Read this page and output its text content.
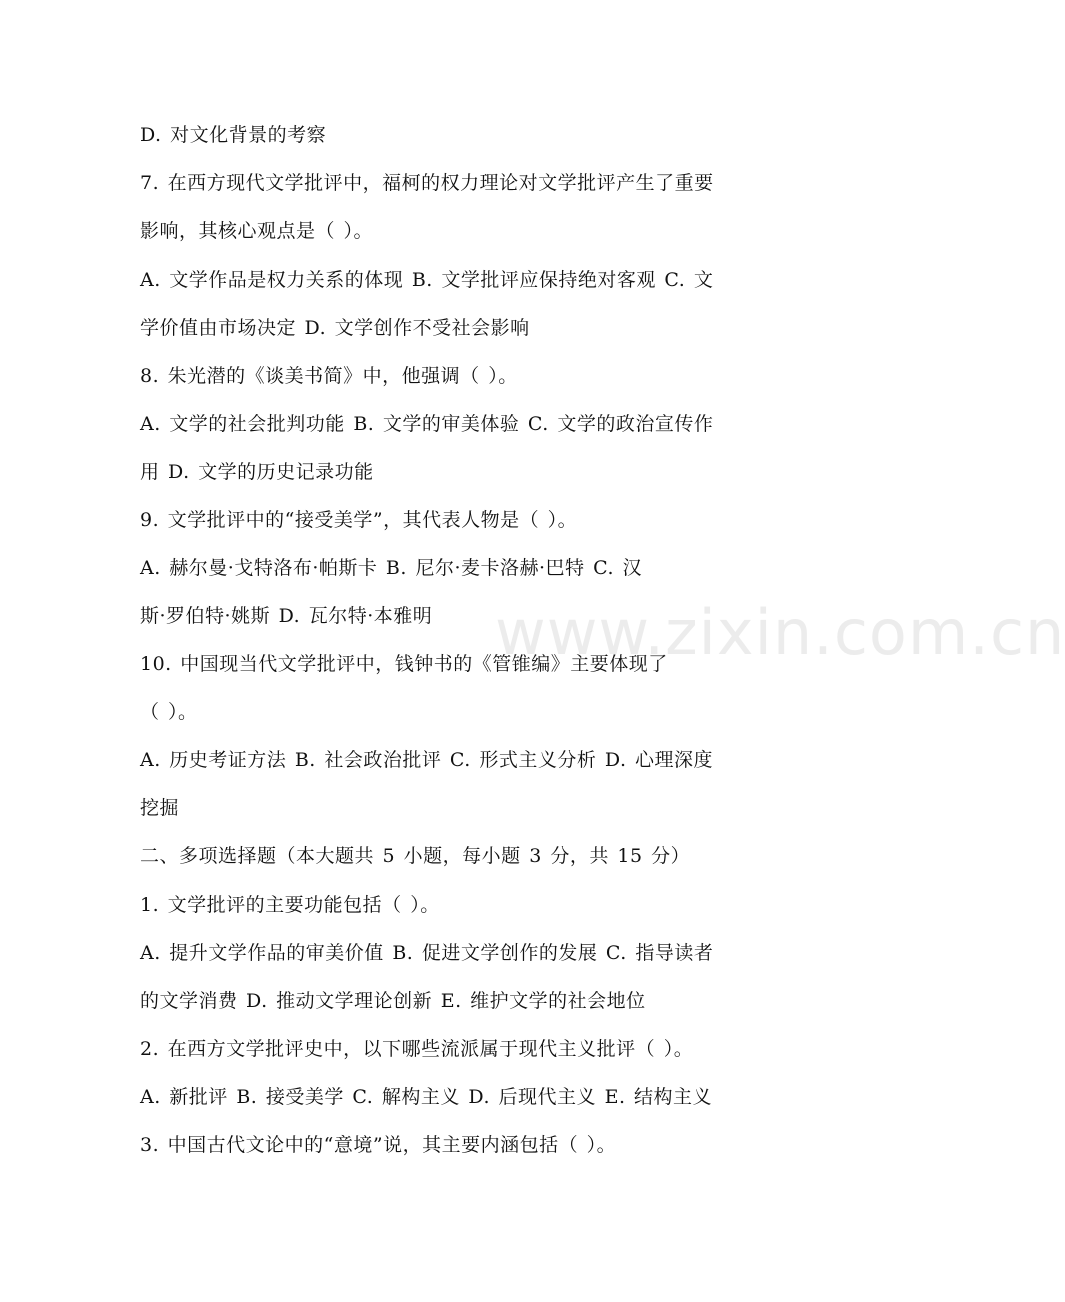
D. 对文化背景的考察
7. 在西方现代文学批评中，福柯的权力理论对文学批评产生了重要
影响，其核心观点是（ ）。
A. 文学作品是权力关系的体现 B. 文学批评应保持绝对客观 C. 文
学价值由市场决定 D. 文学创作不受社会影响
8. 朱光潜的《谈美书简》中，他强调（ ）。
A. 文学的社会批判功能 B. 文学的审美体验 C. 文学的政治宣传作
用 D. 文学的历史记录功能
9. 文学批评中的“接受美学”，其代表人物是（ ）。
A. 赫尔曼·戈特洛布·帕斯卡 B. 尼尔·麦卡洛赫·巴特 C. 汉
斯·罗伯特·姚斯 D. 瓦尔特·本雅明
10. 中国现当代文学批评中，钱钟书的《管锥编》主要体现了
（ ）。
A. 历史考证方法 B. 社会政治批评 C. 形式主义分析 D. 心理深度
挖掘
二、多项选择题（本大题共 5 小题，每小题 3 分，共 15 分）
1. 文学批评的主要功能包括（ ）。
A. 提升文学作品的审美价值 B. 促进文学创作的发展 C. 指导读者
的文学消费 D. 推动文学理论创新 E. 维护文学的社会地位
2. 在西方文学批评史中，以下哪些流派属于现代主义批评（ ）。
A. 新批评 B. 接受美学 C. 解构主义 D. 后现代主义 E. 结构主义
3. 中国古代文论中的“意境”说，其主要内涵包括（ ）。
www.zixin.com.cn
